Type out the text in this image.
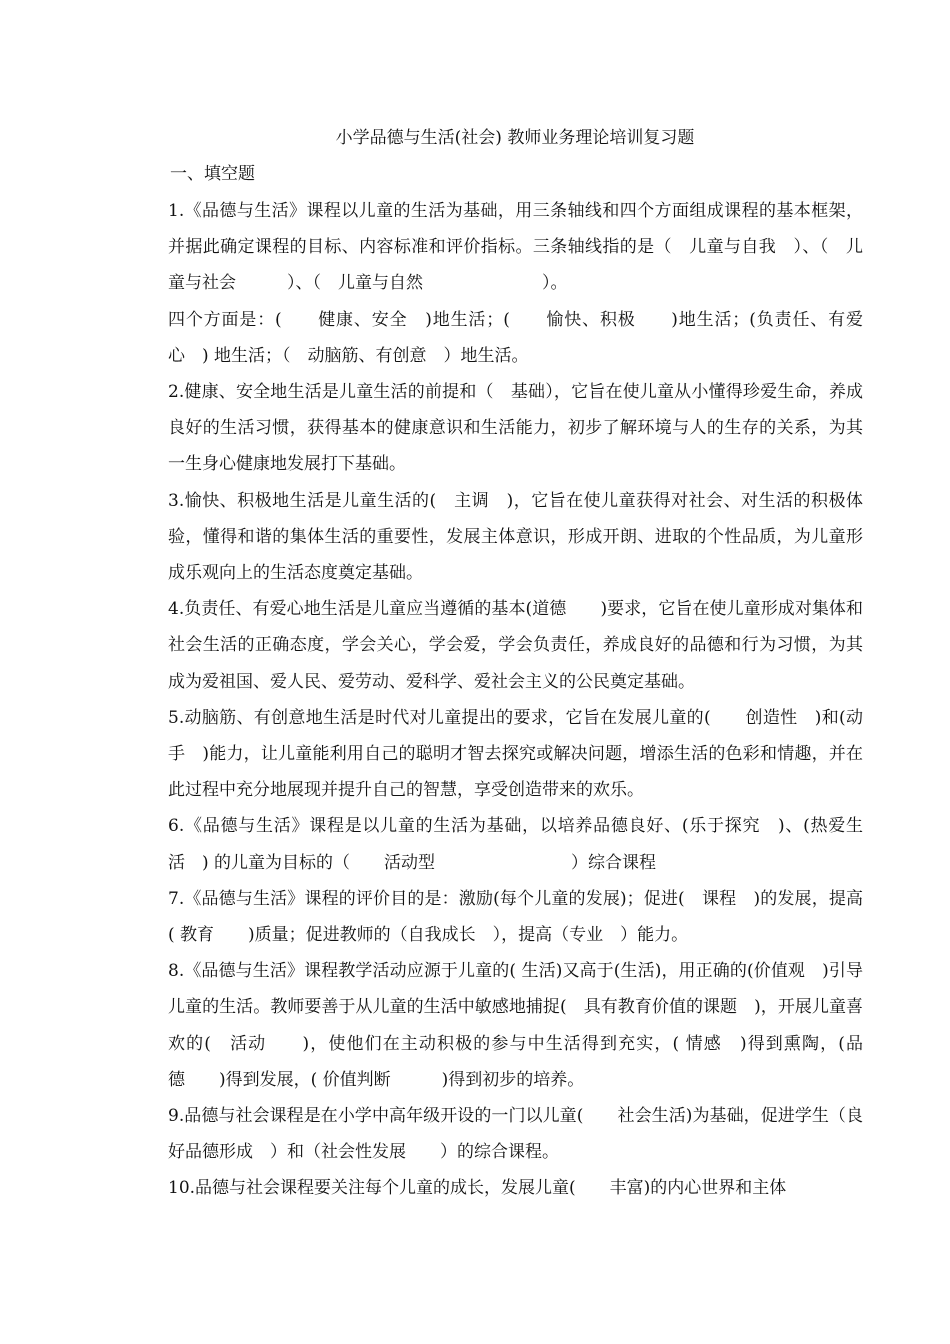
小学品德与生活(社会) 教师业务理论培训复习题
一、填空题

1.《品德与生活》课程以儿童的生活为基础，用三条轴线和四个方面组成课程的基本框架，并据此确定课程的目标、内容标准和评价指标。三条轴线指的是（　儿童与自我　）、（　儿童与社会　　　）、（　儿童与自然　　　　　　　）。

四个方面是：(　　健康、安全　)地生活；(　　愉快、积极　　)地生活；(负责任、有爱心　) 地生活；（　动脑筋、有创意　）地生活。

2.健康、安全地生活是儿童生活的前提和（　基础），它旨在使儿童从小懂得珍爱生命，养成良好的生活习惯，获得基本的健康意识和生活能力，初步了解环境与人的生存的关系，为其一生身心健康地发展打下基础。

3.愉快、积极地生活是儿童生活的(　主调　)，它旨在使儿童获得对社会、对生活的积极体验，懂得和谐的集体生活的重要性，发展主体意识，形成开朗、进取的个性品质，为儿童形成乐观向上的生活态度奠定基础。

4.负责任、有爱心地生活是儿童应当遵循的基本(道德　　)要求，它旨在使儿童形成对集体和社会生活的正确态度，学会关心，学会爱，学会负责任，养成良好的品德和行为习惯，为其成为爱祖国、爱人民、爱劳动、爱科学、爱社会主义的公民奠定基础。

5.动脑筋、有创意地生活是时代对儿童提出的要求，它旨在发展儿童的(　　创造性　)和(动手　)能力，让儿童能利用自己的聪明才智去探究或解决问题，增添生活的色彩和情趣，并在此过程中充分地展现并提升自己的智慧，享受创造带来的欢乐。

6.《品德与生活》课程是以儿童的生活为基础，以培养品德良好、(乐于探究　)、(热爱生活　) 的儿童为目标的（　　活动型　　　　　　　　）综合课程

7.《品德与生活》课程的评价目的是：激励(每个儿童的发展)；促进(　课程　)的发展，提高( 教育　　)质量；促进教师的（自我成长　），提高（专业　）能力。

8.《品德与生活》课程教学活动应源于儿童的( 生活)又高于(生活)，用正确的(价值观　)引导儿童的生活。教师要善于从儿童的生活中敏感地捕捉(　具有教育价值的课题　)，开展儿童喜欢的(　活动　　)，使他们在主动积极的参与中生活得到充实，( 情感　)得到熏陶，(品德　　)得到发展，( 价值判断　　　)得到初步的培养。

9.品德与社会课程是在小学中高年级开设的一门以儿童(　　社会生活)为基础，促进学生（良好品德形成　）和（社会性发展　　）的综合课程。

10.品德与社会课程要关注每个儿童的成长，发展儿童(　　丰富)的内心世界和主体
